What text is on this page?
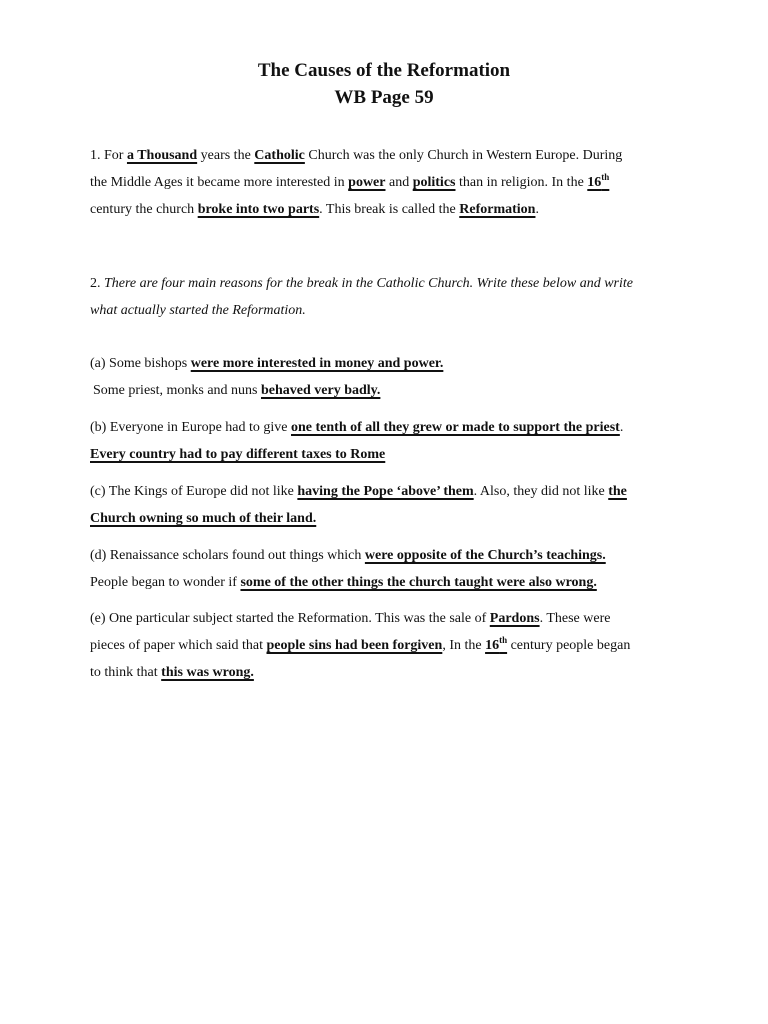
The Causes of the Reformation
WB Page 59

1. For a Thousand years the Catholic Church was the only Church in Western Europe. During

the Middle Ages it became more interested in power and politics than in religion. In the 16th

century the church broke into two parts. This break is called the Reformation.

2. There are four main reasons for the break in the Catholic Church. Write these below and write

what actually started the Reformation.

(a) Some bishops were more interested in money and power.

Some priest, monks and nuns behaved very badly.

(b) Everyone in Europe had to give one tenth of all they grew or made to support the priest.

Every country had to pay different taxes to Rome

(c) The Kings of Europe did not like having the Pope ‘above’ them. Also, they did not like the

Church owning so much of their land.

(d) Renaissance scholars found out things which were opposite of the Church’s teachings.

People began to wonder if some of the other things the church taught were also wrong.

(e) One particular subject started the Reformation. This was the sale of Pardons. These were

pieces of paper which said that people sins had been forgiven, In the 16th century people began

to think that this was wrong.
